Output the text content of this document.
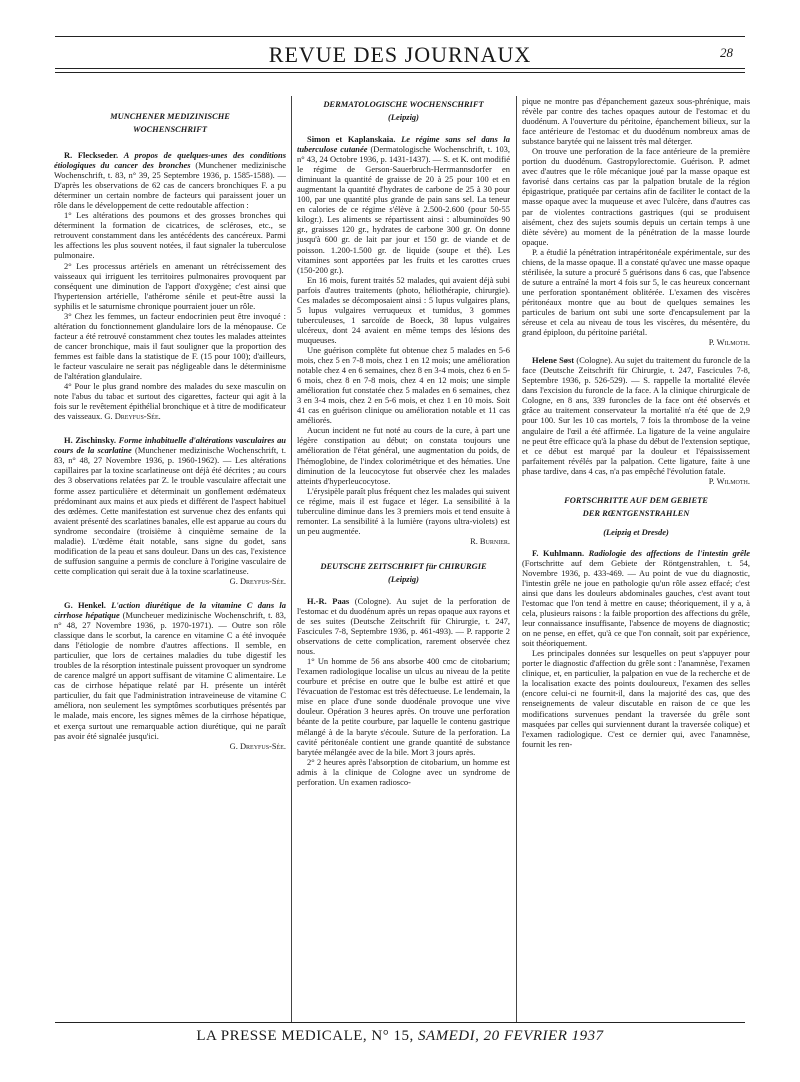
REVUE DES JOURNAUX	28

MUNCHENER MEDIZINISCHE

WOCHENSCHRIFT

R. Fleckseder. A propos de quelques-unes des conditions étiologiques du cancer des bronches (Munchener medizinische Wochenschrift, t. 83, n° 39, 25 Septembre 1936, p. 1585-1588). — D'après les observations de 62 cas de cancers bronchiques F. a pu déterminer un certain nombre de facteurs qui paraissent jouer un rôle dans le développement de cette redoutable affection :

1° Les altérations des poumons et des grosses bronches qui déterminent la formation de cicatrices, de scléroses, etc., se retrouvent constamment dans les antécédents des cancéreux. Parmi les affections les plus souvent notées, il faut signaler la tuberculose pulmonaire.

2° Les processus artériels en amenant un rétrécissement des vaisseaux qui irriguent les territoires pulmonaires provoquent par conséquent une diminution de l'apport d'oxygène; c'est ainsi que l'hypertension artérielle, l'athérome sénile et peut-être aussi la syphilis et le saturnisme chronique pourraient jouer un rôle.

3° Chez les femmes, un facteur endocrinien peut être invoqué : altération du fonctionnement glandulaire lors de la ménopause. Ce facteur a été retrouvé constamment chez toutes les malades atteintes de cancer bronchique, mais il faut souligner que la proportion des femmes est faible dans la statistique de F. (15 pour 100); d'ailleurs, le facteur vasculaire ne serait pas négligeable dans le déterminisme de l'altération glandulaire.

4° Pour le plus grand nombre des malades du sexe masculin on note l'abus du tabac et surtout des cigarettes, facteur qui agit à la fois sur le revêtement épithélial bronchique et à titre de modificateur des vaisseaux. G. Dreyfus-Sée.

H. Zischinsky. Forme inhabituelle d'altérations vasculaires au cours de la scarlatine (Munchener medizinische Wochenschrift, t. 83, n° 48, 27 Novembre 1936, p. 1960-1962). — Les altérations capillaires par la toxine scarlatineuse ont déjà été décrites ; au cours des 3 observations relatées par Z. le trouble vasculaire affectait une forme assez particulière et déterminait un gonflement œdémateux prédominant aux mains et aux pieds et différent de l'aspect habituel des œdèmes. Cette manifestation est survenue chez des enfants qui avaient présenté des scarlatines banales, elle est apparue au cours du syndrome secondaire (troisième à cinquième semaine de la maladie). L'œdème était notable, sans signe du godet, sans modification de la peau et sans douleur. Dans un des cas, l'existence de suffusion sanguine a permis de conclure à l'origine vasculaire de cette complication qui serait due à la toxine scarlatineuse.

G. Dreyfus-Sée.

G. Henkel. L'action diurétique de la vitamine C dans la cirrhose hépatique (Muncheuer medizinische Wochenschrift, t. 83, n° 48, 27 Novembre 1936, p. 1970-1971). — Outre son rôle classique dans le scorbut, la carence en vitamine C a été invoquée dans l'étiologie de nombre d'autres affections. Il semble, en particulier, que lors de certaines maladies du tube digestif les troubles de la résorption intestinale puissent provoquer un syndrome de carence malgré un apport suffisant de vitamine C alimentaire. Le cas de cirrhose hépatique relaté par H. présente un intérêt particulier, du fait que l'administration intraveineuse de vitamine C améliora, non seulement les symptômes scorbutiques présentés par le malade, mais encore, les signes mêmes de la cirrhose hépatique, et exerça surtout une remarquable action diurétique, qui ne paraît pas avoir été signalée jusqu'ici.

G. Dreyfus-Sée.

DERMATOLOGISCHE WOCHENSCHRIFT

(Leipzig)

Simon et Kaplanskaia. Le régime sans sel dans la tuberculose cutanée (Dermatologische Wochenschrift, t. 103, n° 43, 24 Octobre 1936, p. 1431-1437). — S. et K. ont modifié le régime de Gerson-Sauerbruch-Herrmannsdorfer en diminuant la quantité de graisse de 20 à 25 pour 100 et en augmentant la quantité d'hydrates de carbone de 25 à 30 pour 100, par une quantité plus grande de pain sans sel. La teneur en calories de ce régime s'élève à 2.500-2.600 (pour 50-55 kilogr.). Les aliments se répartissent ainsi : albuminoïdes 90 gr., graisses 120 gr., hydrates de carbone 300 gr. On donne jusqu'à 600 gr. de lait par jour et 150 gr. de viande et de poisson. 1.200-1.500 gr. de liquide (soupe et thé). Les vitamines sont apportées par les fruits et les carottes crues (150-200 gr.).

En 16 mois, furent traités 52 malades, qui avaient déjà subi parfois d'autres traitements (photo, héliothérapie, chirurgie). Ces malades se décomposaient ainsi : 5 lupus vulgaires plans, 5 lupus vulgaires verruqueux et tumidus, 3 gommes tuberculeuses, 1 sarcoïde de Boeck, 38 lupus vulgaires ulcéreux, dont 24 avaient en même temps des lésions des muqueuses.

Une guérison complète fut obtenue chez 5 malades en 5-6 mois, chez 5 en 7-8 mois, chez 1 en 12 mois; une amélioration notable chez 4 en 6 semaines, chez 8 en 3-4 mois, chez 6 en 5-6 mois, chez 8 en 7-8 mois, chez 4 en 12 mois; une simple amélioration fut constatée chez 5 malades en 6 semaines, chez 3 en 3-4 mois, chez 2 en 5-6 mois, et chez 1 en 10 mois. Soit 41 cas en guérison clinique ou amélioration notable et 11 cas améliorés.

Aucun incident ne fut noté au cours de la cure, à part une légère constipation au début; on constata toujours une amélioration de l'état général, une augmentation du poids, de l'hémoglobine, de l'index colorimétrique et des hématies. Une diminution de la leucocytose fut observée chez les malades atteints d'hyperleucocytose.

L'érysipèle paraît plus fréquent chez les malades qui suivent ce régime, mais il est fugace et léger. La sensibilité à la tuberculine diminue dans les 3 premiers mois et tend ensuite à remonter. La sensibilité à la lumière (rayons ultra-violets) est un peu augmentée.

R. Burnier.

DEUTSCHE ZEITSCHRIFT für CHIRURGIE

(Leipzig)

H.-R. Paas (Cologne). Au sujet de la perforation de l'estomac et du duodénum après un repas opaque aux rayons et de ses suites (Deutsche Zeitschrift für Chirurgie, t. 247, Fascicules 7-8, Septembre 1936, p. 461-493). — P. rapporte 2 observations de cette complication, rarement observée chez nous.

1° Un homme de 56 ans absorbe 400 cmc de citobarium; l'examen radiologique localise un ulcus au niveau de la petite courbure et précise en outre que le bulbe est attiré et que l'évacuation de l'estomac est très défectueuse. Le lendemain, la mise en place d'une sonde duodénale provoque une vive douleur. Opération 3 heures après. On trouve une perforation béante de la petite courbure, par laquelle le contenu gastrique mélangé à de la baryte s'écoule. Suture de la perforation. La cavité péritonéale contient une grande quantité de substance barytée mélangée avec de la bile. Mort 3 jours après.

2° 2 heures après l'absorption de citobarium, un homme est admis à la clinique de Cologne avec un syndrome de perforation. Un examen radiosco-

pique ne montre pas d'épanchement gazeux sous-phrénique, mais révèle par contre des taches opaques autour de l'estomac et du duodénum. A l'ouverture du péritoine, épanchement bilieux, sur la face antérieure de l'estomac et du duodénum nombreux amas de substance barytée qui ne laissent très mal déterger.

On trouve une perforation de la face antérieure de la première portion du duodénum. Gastropylorectomie. Guérison. P. admet avec d'autres que le rôle mécanique joué par la masse opaque est favorisé dans certains cas par la palpation brutale de la région épigastrique, pratiquée par certains afin de faciliter le contact de la masse opaque avec la muqueuse et avec l'ulcère, dans d'autres cas par de violentes contractions gastriques (qui se produisent aisément, chez des sujets soumis depuis un certain temps à une diète sévère) au moment de la pénétration de la masse lourde opaque.

P. a étudié la pénétration intrapéritonéale expérimentale, sur des chiens, de la masse opaque. Il a constaté qu'avec une masse opaque stérilisée, la suture a procuré 5 guérisons dans 6 cas, que l'absence de suture a entraîné la mort 4 fois sur 5, le cas heureux concernant une perforation spontanément oblitérée. L'examen des viscères péritonéaux montre que au bout de quelques semaines les particules de barium ont subi une sorte d'encapsulement par la séreuse et cela au niveau de tous les viscères, du mésentère, du grand épiploon, du péritoine pariétal.

P. Wilmoth.

Helene Søst (Cologne). Au sujet du traitement du furoncle de la face (Deutsche Zeitschrift für Chirurgie, t. 247, Fascicules 7-8, Septembre 1936, p. 526-529). — S. rappelle la mortalité élevée dans l'excision du furoncle de la face. A la clinique chirurgicale de Cologne, en 8 ans, 339 furoncles de la face ont été observés et grâce au traitement conservateur la mortalité n'a été que de 2,9 pour 100. Sur les 10 cas mortels, 7 fois la thrombose de la veine angulaire de l'œil a été affirmée. La ligature de la veine angulaire ne peut être efficace qu'à la phase du début de l'extension septique, et ce début est marqué par la douleur et l'épaississement parfaitement révélés par la palpation. Cette ligature, faite à une phase tardive, dans 4 cas, n'a pas empêché l'évolution fatale.

P. Wilmoth.

FORTSCHRITTE AUF DEM GEBIETE

DER RŒNTGENSTRAHLEN

(Leipzig et Dresde)

F. Kuhlmann. Radiologie des affections de l'intestin grêle (Fortschritte auf dem Gebiete der Röntgenstrahlen, t. 54, Novembre 1936, p. 433-469. — Au point de vue du diagnostic, l'intestin grêle ne joue en pathologie qu'un rôle assez effacé; c'est ainsi que dans les douleurs abdominales gauches, c'est avant tout l'estomac que l'on tend à mettre en cause; théoriquement, il y a, à cela, plusieurs raisons : la faible proportion des affections du grêle, leur connaissance insuffisante, l'absence de moyens de diagnostic; on ne pense, en effet, qu'à ce que l'on connaît, soit par expérience, soit théoriquement.

Les principales données sur lesquelles on peut s'appuyer pour porter le diagnostic d'affection du grêle sont : l'anamnèse, l'examen clinique, et, en particulier, la palpation en vue de la recherche et de la localisation exacte des points douloureux, l'examen des selles (encore celui-ci ne fournit-il, dans la majorité des cas, que des renseignements de valeur discutable en raison de ce que les modifications survenues pendant la traversée du grêle sont masquées par celles qui surviennent durant la traversée colique) et l'examen radiologique. C'est ce dernier qui, avec l'anamnèse, fournit les ren-

LA PRESSE MEDICALE, N° 15, SAMEDI, 20 FEVRIER 1937
